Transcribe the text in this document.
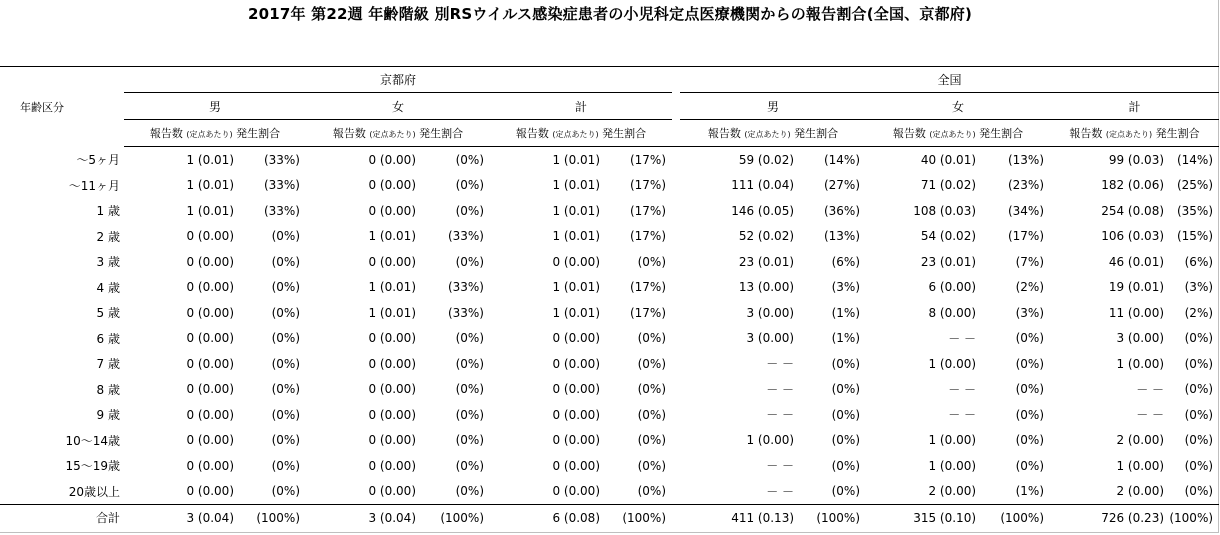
2017年 第22週 年齢階級 別RSウイルス感染症患者の小児科定点医療機関からの報告割合(全国、京都府)
年齢区分	京都府							全国					
	男		女		計			男		女		計	
	報告数 (定点あたり) 発生割合		報告数 (定点あたり) 発生割合		報告数 (定点あたり) 発生割合			報告数 (定点あたり) 発生割合		報告数 (定点あたり) 発生割合		報告数 (定点あたり) 発生割合	
～5ヶ月	1 (0.01)	(33%)	0 (0.00)	(0%)	1 (0.01)	(17%)		59 (0.02)	(14%)	40 (0.01)	(13%)	99 (0.03)	(14%)
～11ヶ月	1 (0.01)	(33%)	0 (0.00)	(0%)	1 (0.01)	(17%)		111 (0.04)	(27%)	71 (0.02)	(23%)	182 (0.06)	(25%)
1 歳	1 (0.01)	(33%)	0 (0.00)	(0%)	1 (0.01)	(17%)		146 (0.05)	(36%)	108 (0.03)	(34%)	254 (0.08)	(35%)
2 歳	0 (0.00)	(0%)	1 (0.01)	(33%)	1 (0.01)	(17%)		52 (0.02)	(13%)	54 (0.02)	(17%)	106 (0.03)	(15%)
3 歳	0 (0.00)	(0%)	0 (0.00)	(0%)	0 (0.00)	(0%)		23 (0.01)	(6%)	23 (0.01)	(7%)	46 (0.01)	(6%)
4 歳	0 (0.00)	(0%)	1 (0.01)	(33%)	1 (0.01)	(17%)		13 (0.00)	(3%)	6 (0.00)	(2%)	19 (0.01)	(3%)
5 歳	0 (0.00)	(0%)	1 (0.01)	(33%)	1 (0.01)	(17%)		3 (0.00)	(1%)	8 (0.00)	(3%)	11 (0.00)	(2%)
6 歳	0 (0.00)	(0%)	0 (0.00)	(0%)	0 (0.00)	(0%)		3 (0.00)	(1%)	－ －	(0%)	3 (0.00)	(0%)
7 歳	0 (0.00)	(0%)	0 (0.00)	(0%)	0 (0.00)	(0%)		－ －	(0%)	1 (0.00)	(0%)	1 (0.00)	(0%)
8 歳	0 (0.00)	(0%)	0 (0.00)	(0%)	0 (0.00)	(0%)		－ －	(0%)	－ －	(0%)	－ －	(0%)
9 歳	0 (0.00)	(0%)	0 (0.00)	(0%)	0 (0.00)	(0%)		－ －	(0%)	－ －	(0%)	－ －	(0%)
10～14歳	0 (0.00)	(0%)	0 (0.00)	(0%)	0 (0.00)	(0%)		1 (0.00)	(0%)	1 (0.00)	(0%)	2 (0.00)	(0%)
15～19歳	0 (0.00)	(0%)	0 (0.00)	(0%)	0 (0.00)	(0%)		－ －	(0%)	1 (0.00)	(0%)	1 (0.00)	(0%)
20歳以上	0 (0.00)	(0%)	0 (0.00)	(0%)	0 (0.00)	(0%)		－ －	(0%)	2 (0.00)	(1%)	2 (0.00)	(0%)
合計	3 (0.04)	(100%)	3 (0.04)	(100%)	6 (0.08)	(100%)		411 (0.13)	(100%)	315 (0.10)	(100%)	726 (0.23)	(100%)
